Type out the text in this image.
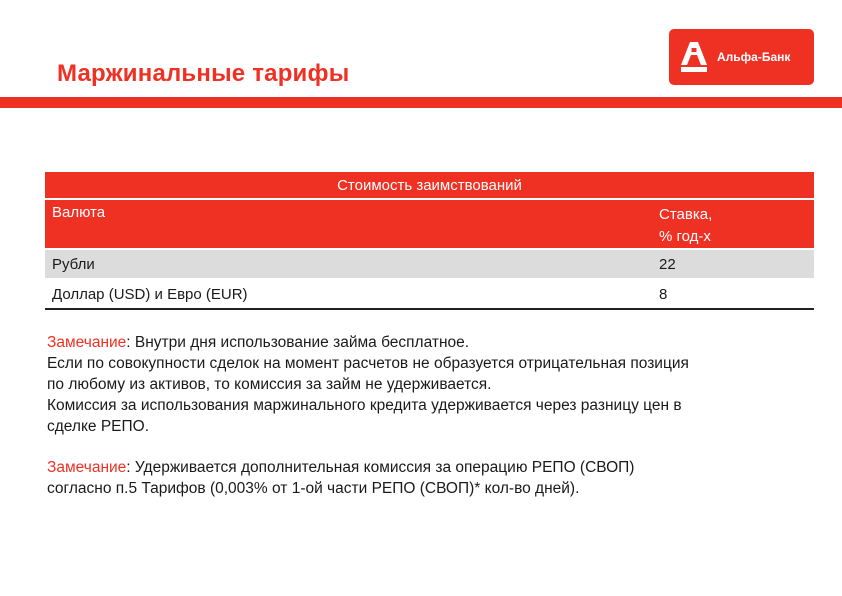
Маржинальные тарифы
Альфа-Банк
Стоимость заимствований
Валюта	Ставка,
% год-х
Рубли	22
Доллар (USD) и Евро (EUR)	8

Замечание: Внутри дня использование займа бесплатное.

Если по совокупности сделок на момент расчетов не образуется отрицательная позиция

по любому из активов, то комиссия за займ не удерживается.

Комиссия за использования маржинального кредита удерживается через разницу цен в

сделке РЕПО.

Замечание: Удерживается дополнительная комиссия за операцию РЕПО (СВОП)

согласно п.5 Тарифов (0,003% от 1-ой части РЕПО (СВОП)* кол-во дней).
